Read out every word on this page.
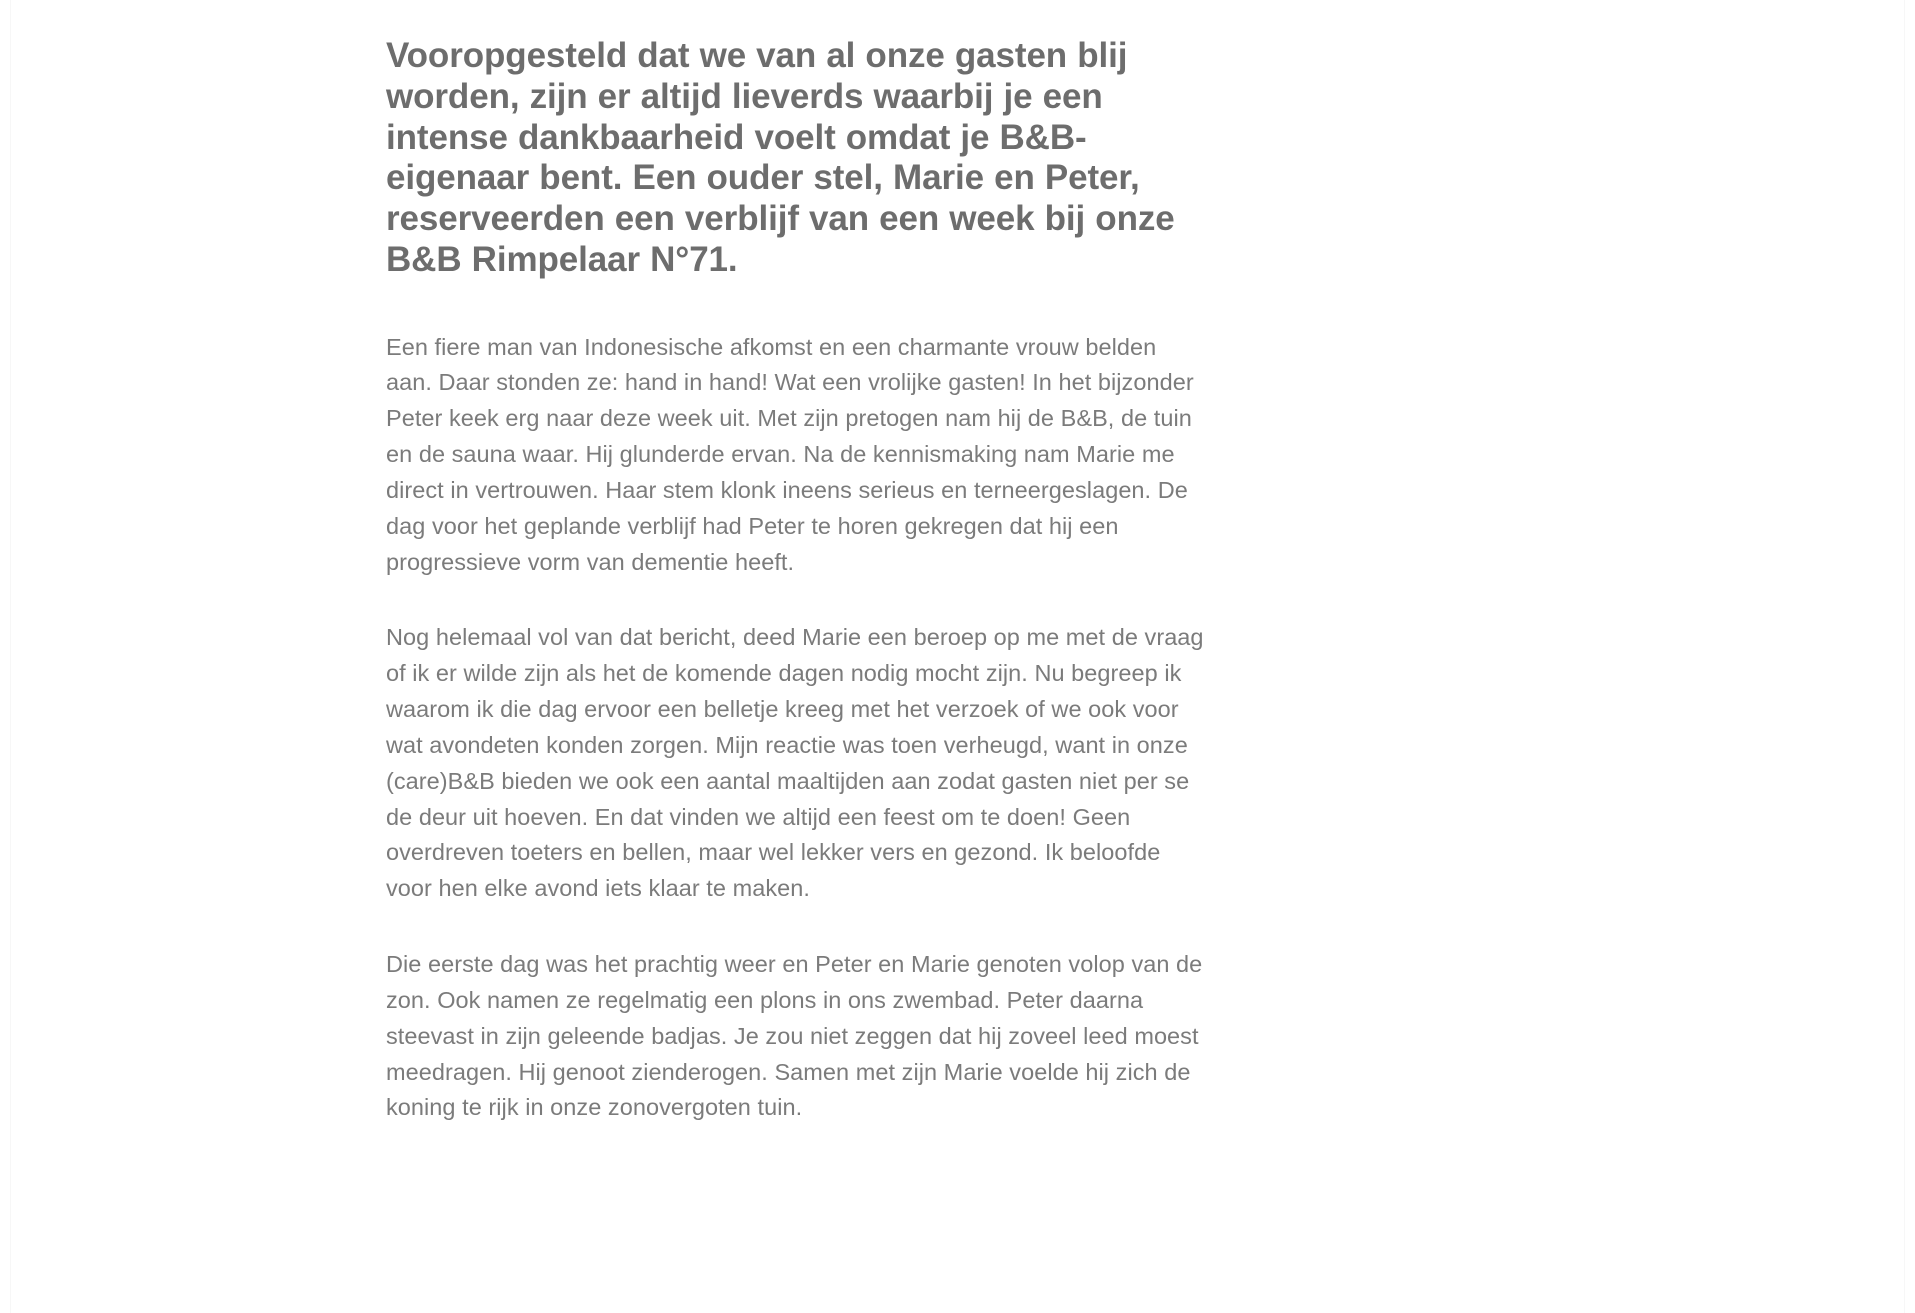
Vooropgesteld dat we van al onze gasten blij worden, zijn er altijd lieverds waarbij je een intense dankbaarheid voelt omdat je B&B-eigenaar bent. Een ouder stel, Marie en Peter, reserveerden een verblijf van een week bij onze B&B Rimpelaar N°71.

Een fiere man van Indonesische afkomst en een charmante vrouw belden aan. Daar stonden ze: hand in hand! Wat een vrolijke gasten! In het bijzonder Peter keek erg naar deze week uit. Met zijn pretogen nam hij de B&B, de tuin en de sauna waar. Hij glunderde ervan. Na de kennismaking nam Marie me direct in vertrouwen. Haar stem klonk ineens serieus en terneergeslagen. De dag voor het geplande verblijf had Peter te horen gekregen dat hij een progressieve vorm van dementie heeft.

Nog helemaal vol van dat bericht, deed Marie een beroep op me met de vraag of ik er wilde zijn als het de komende dagen nodig mocht zijn. Nu begreep ik waarom ik die dag ervoor een belletje kreeg met het verzoek of we ook voor wat avondeten konden zorgen. Mijn reactie was toen verheugd, want in onze (care)B&B bieden we ook een aantal maaltijden aan zodat gasten niet per se de deur uit hoeven. En dat vinden we altijd een feest om te doen! Geen overdreven toeters en bellen, maar wel lekker vers en gezond. Ik beloofde voor hen elke avond iets klaar te maken.

Die eerste dag was het prachtig weer en Peter en Marie genoten volop van de zon. Ook namen ze regelmatig een plons in ons zwembad. Peter daarna steevast in zijn geleende badjas. Je zou niet zeggen dat hij zoveel leed moest meedragen. Hij genoot zienderogen. Samen met zijn Marie voelde hij zich de koning te rijk in onze zonovergoten tuin.
